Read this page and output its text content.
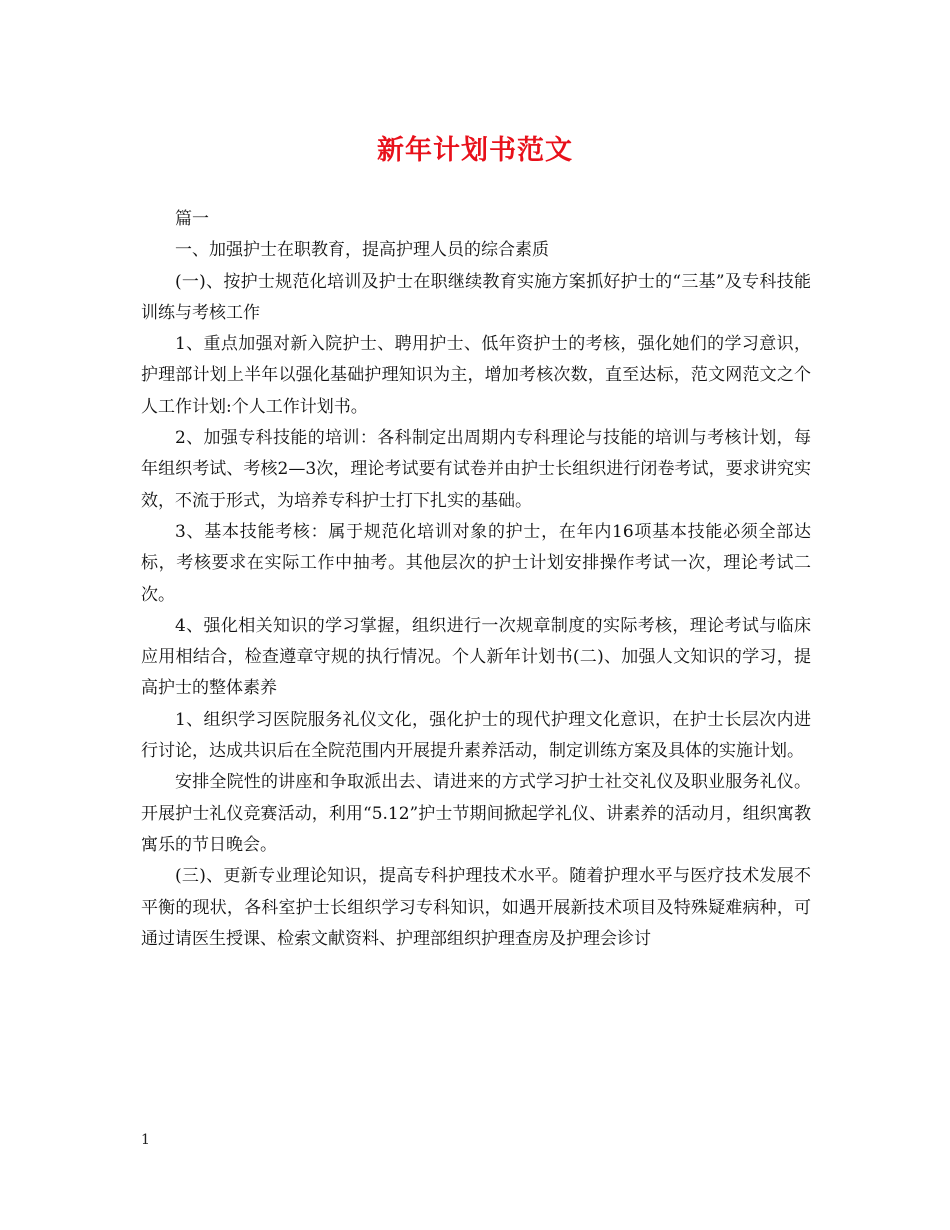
新年计划书范文

篇一

一、加强护士在职教育，提高护理人员的综合素质

(一)、按护士规范化培训及护士在职继续教育实施方案抓好护士的“三基”及专科技能训练与考核工作

1、重点加强对新入院护士、聘用护士、低年资护士的考核，强化她们的学习意识，护理部计划上半年以强化基础护理知识为主，增加考核次数，直至达标，范文网范文之个人工作计划:个人工作计划书。

2、加强专科技能的培训：各科制定出周期内专科理论与技能的培训与考核计划，每年组织考试、考核2—3次，理论考试要有试卷并由护士长组织进行闭卷考试，要求讲究实效，不流于形式，为培养专科护士打下扎实的基础。

3、基本技能考核：属于规范化培训对象的护士，在年内16项基本技能必须全部达标，考核要求在实际工作中抽考。其他层次的护士计划安排操作考试一次，理论考试二次。

4、强化相关知识的学习掌握，组织进行一次规章制度的实际考核，理论考试与临床应用相结合，检查遵章守规的执行情况。个人新年计划书(二)、加强人文知识的学习，提高护士的整体素养

1、组织学习医院服务礼仪文化，强化护士的现代护理文化意识，在护士长层次内进行讨论，达成共识后在全院范围内开展提升素养活动，制定训练方案及具体的实施计划。

安排全院性的讲座和争取派出去、请进来的方式学习护士社交礼仪及职业服务礼仪。开展护士礼仪竞赛活动，利用“5.12”护士节期间掀起学礼仪、讲素养的活动月，组织寓教寓乐的节日晚会。

(三)、更新专业理论知识，提高专科护理技术水平。随着护理水平与医疗技术发展不平衡的现状，各科室护士长组织学习专科知识，如遇开展新技术项目及特殊疑难病种，可通过请医生授课、检索文献资料、护理部组织护理查房及护理会诊讨

1
